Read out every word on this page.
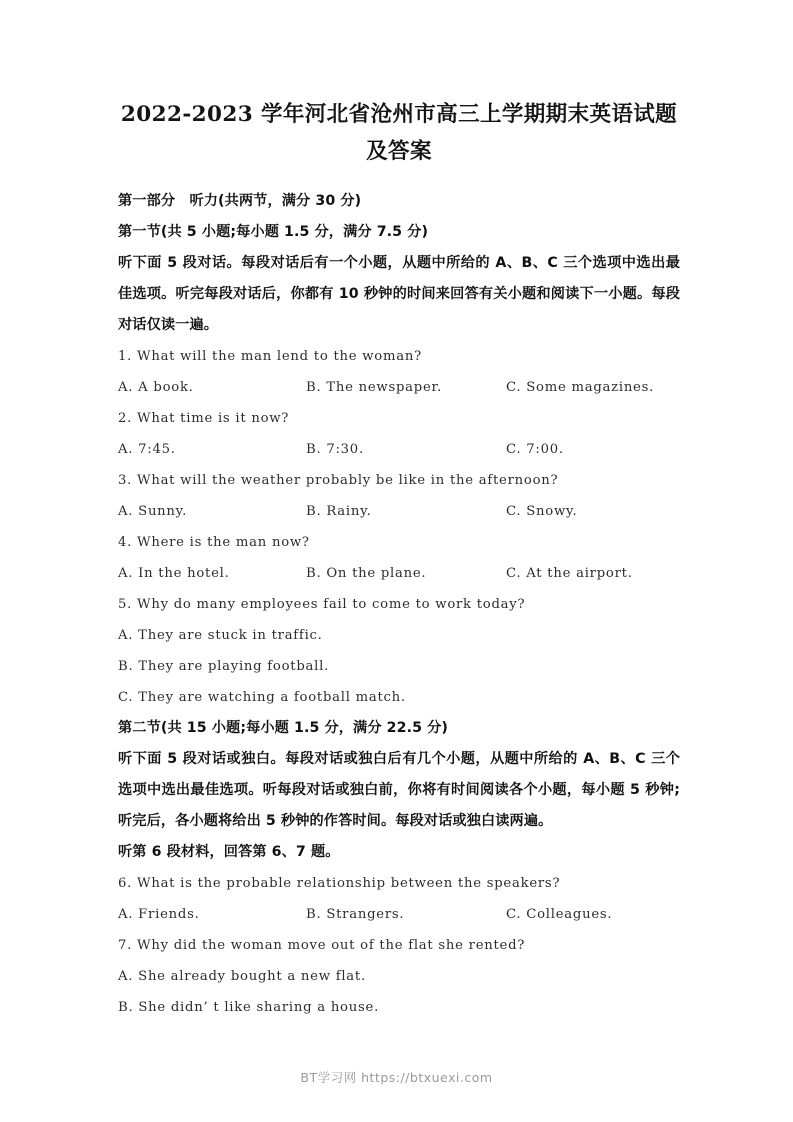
2022-2023 学年河北省沧州市高三上学期期末英语试题及答案

第一部分　听力(共两节，满分 30 分)

第一节(共 5 小题;每小题 1.5 分，满分 7.5 分)

听下面 5 段对话。每段对话后有一个小题，从题中所给的 A、B、C 三个选项中选出最佳选项。听完每段对话后，你都有 10 秒钟的时间来回答有关小题和阅读下一小题。每段对话仅读一遍。

1. What will the man lend to the woman?

A. A book.	B. The newspaper.	C. Some magazines.

2. What time is it now?

A. 7:45.	B. 7:30.	C. 7:00.

3. What will the weather probably be like in the afternoon?

A. Sunny.	B. Rainy.	C. Snowy.

4. Where is the man now?

A. In the hotel.	B. On the plane.	C. At the airport.

5. Why do many employees fail to come to work today?

A. They are stuck in traffic.
B. They are playing football.
C. They are watching a football match.

第二节(共 15 小题;每小题 1.5 分，满分 22.5 分)

听下面 5 段对话或独白。每段对话或独白后有几个小题，从题中所给的 A、B、C 三个选项中选出最佳选项。听每段对话或独白前，你将有时间阅读各个小题，每小题 5 秒钟;听完后，各小题将给出 5 秒钟的作答时间。每段对话或独白读两遍。

听第 6 段材料，回答第 6、7 题。

6. What is the probable relationship between the speakers?

A. Friends.	B. Strangers.	C. Colleagues.

7. Why did the woman move out of the flat she rented?

A. She already bought a new flat.
B. She didn’ t like sharing a house.
BT学习网 https://btxuexi.com
